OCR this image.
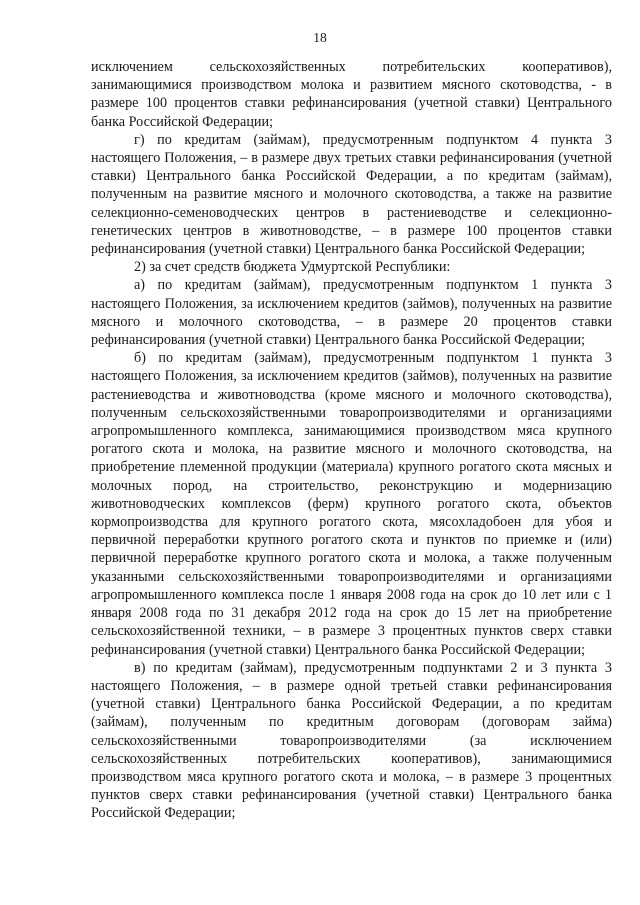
18

исключением сельскохозяйственных потребительских кооперативов), занимающимися производством молока и развитием мясного скотоводства, - в размере 100 процентов ставки рефинансирования (учетной ставки) Центрального банка Российской Федерации;

г) по кредитам (займам), предусмотренным подпунктом 4 пункта 3 настоящего Положения, – в размере двух третьих ставки рефинансирования (учетной ставки) Центрального банка Российской Федерации, а по кредитам (займам), полученным на развитие мясного и молочного скотоводства, а также на развитие селекционно-семеноводческих центров в растениеводстве и селекционно-генетических центров в животноводстве, – в размере 100 процентов ставки рефинансирования (учетной ставки) Центрального банка Российской Федерации;

2) за счет средств бюджета Удмуртской Республики:

а) по кредитам (займам), предусмотренным подпунктом 1 пункта 3 настоящего Положения, за исключением кредитов (займов), полученных на развитие мясного и молочного скотоводства, – в размере 20 процентов ставки рефинансирования (учетной ставки) Центрального банка Российской Федерации;

б) по кредитам (займам), предусмотренным подпунктом 1 пункта 3 настоящего Положения, за исключением кредитов (займов), полученных на развитие растениеводства и животноводства (кроме мясного и молочного скотоводства), полученным сельскохозяйственными товаропроизводителями и организациями агропромышленного комплекса, занимающимися производством мяса крупного рогатого скота и молока, на развитие мясного и молочного скотоводства, на приобретение племенной продукции (материала) крупного рогатого скота мясных и молочных пород, на строительство, реконструкцию и модернизацию животноводческих комплексов (ферм) крупного рогатого скота, объектов кормопроизводства для крупного рогатого скота, мясохладобоен для убоя и первичной переработки крупного рогатого скота и пунктов по приемке и (или) первичной переработке крупного рогатого скота и молока, а также полученным указанными сельскохозяйственными товаропроизводителями и организациями агропромышленного комплекса после 1 января 2008 года на срок до 10 лет или с 1 января 2008 года по 31 декабря 2012 года на срок до 15 лет на приобретение сельскохозяйственной техники, – в размере 3 процентных пунктов сверх ставки рефинансирования (учетной ставки) Центрального банка Российской Федерации;

в) по кредитам (займам), предусмотренным подпунктами 2 и 3 пункта 3 настоящего Положения, – в размере одной третьей ставки рефинансирования (учетной ставки) Центрального банка Российской Федерации, а по кредитам (займам), полученным по кредитным договорам (договорам займа) сельскохозяйственными товаропроизводителями (за исключением сельскохозяйственных потребительских кооперативов), занимающимися производством мяса крупного рогатого скота и молока, – в размере 3 процентных пунктов сверх ставки рефинансирования (учетной ставки) Центрального банка Российской Федерации;
